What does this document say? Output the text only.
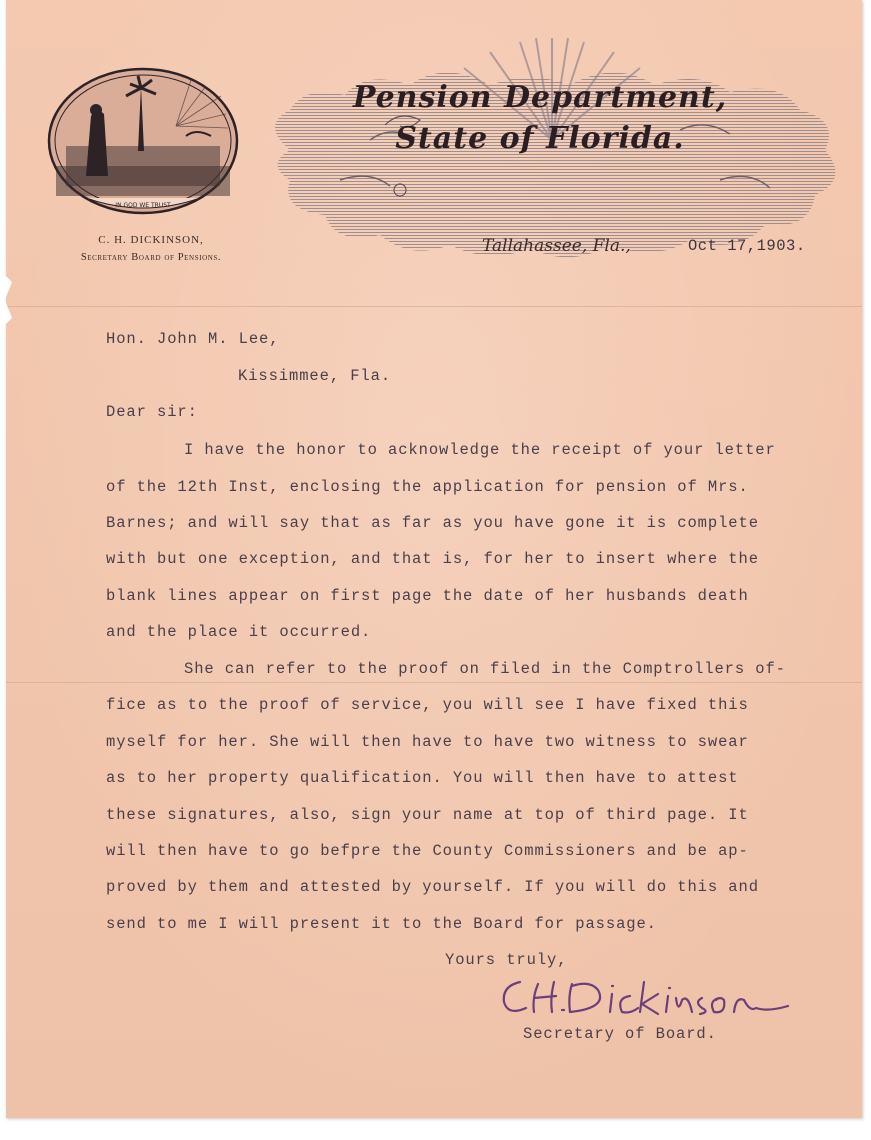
IN GOD WE TRUST
C. H. DICKINSON,
Secretary Board of Pensions.
Pension Department,
State of Florida.
Tallahassee, Fla.,	Oct 17,1903.
Hon. John M. Lee,
Kissimmee, Fla.
Dear sir:
I have the honor to acknowledge the receipt of your letter
of the 12th Inst, enclosing the application for pension of Mrs.
Barnes; and will say that as far as you have gone it is complete
with but one exception, and that is, for her to insert where the
blank lines appear on first page the date of her husbands death
and the place it occurred.
She can refer to the proof on filed in the Comptrollers of-
fice as to the proof of service, you will see I have fixed this
myself for her. She will then have to have two witness to swear
as to her property qualification. You will then have to attest
these signatures, also, sign your name at top of third page. It
will then have to go befpre the County Commissioners and be ap-
proved by them and attested by yourself. If you will do this and
send to me I will present it to the Board for passage.
Yours truly,
Secretary of Board.
